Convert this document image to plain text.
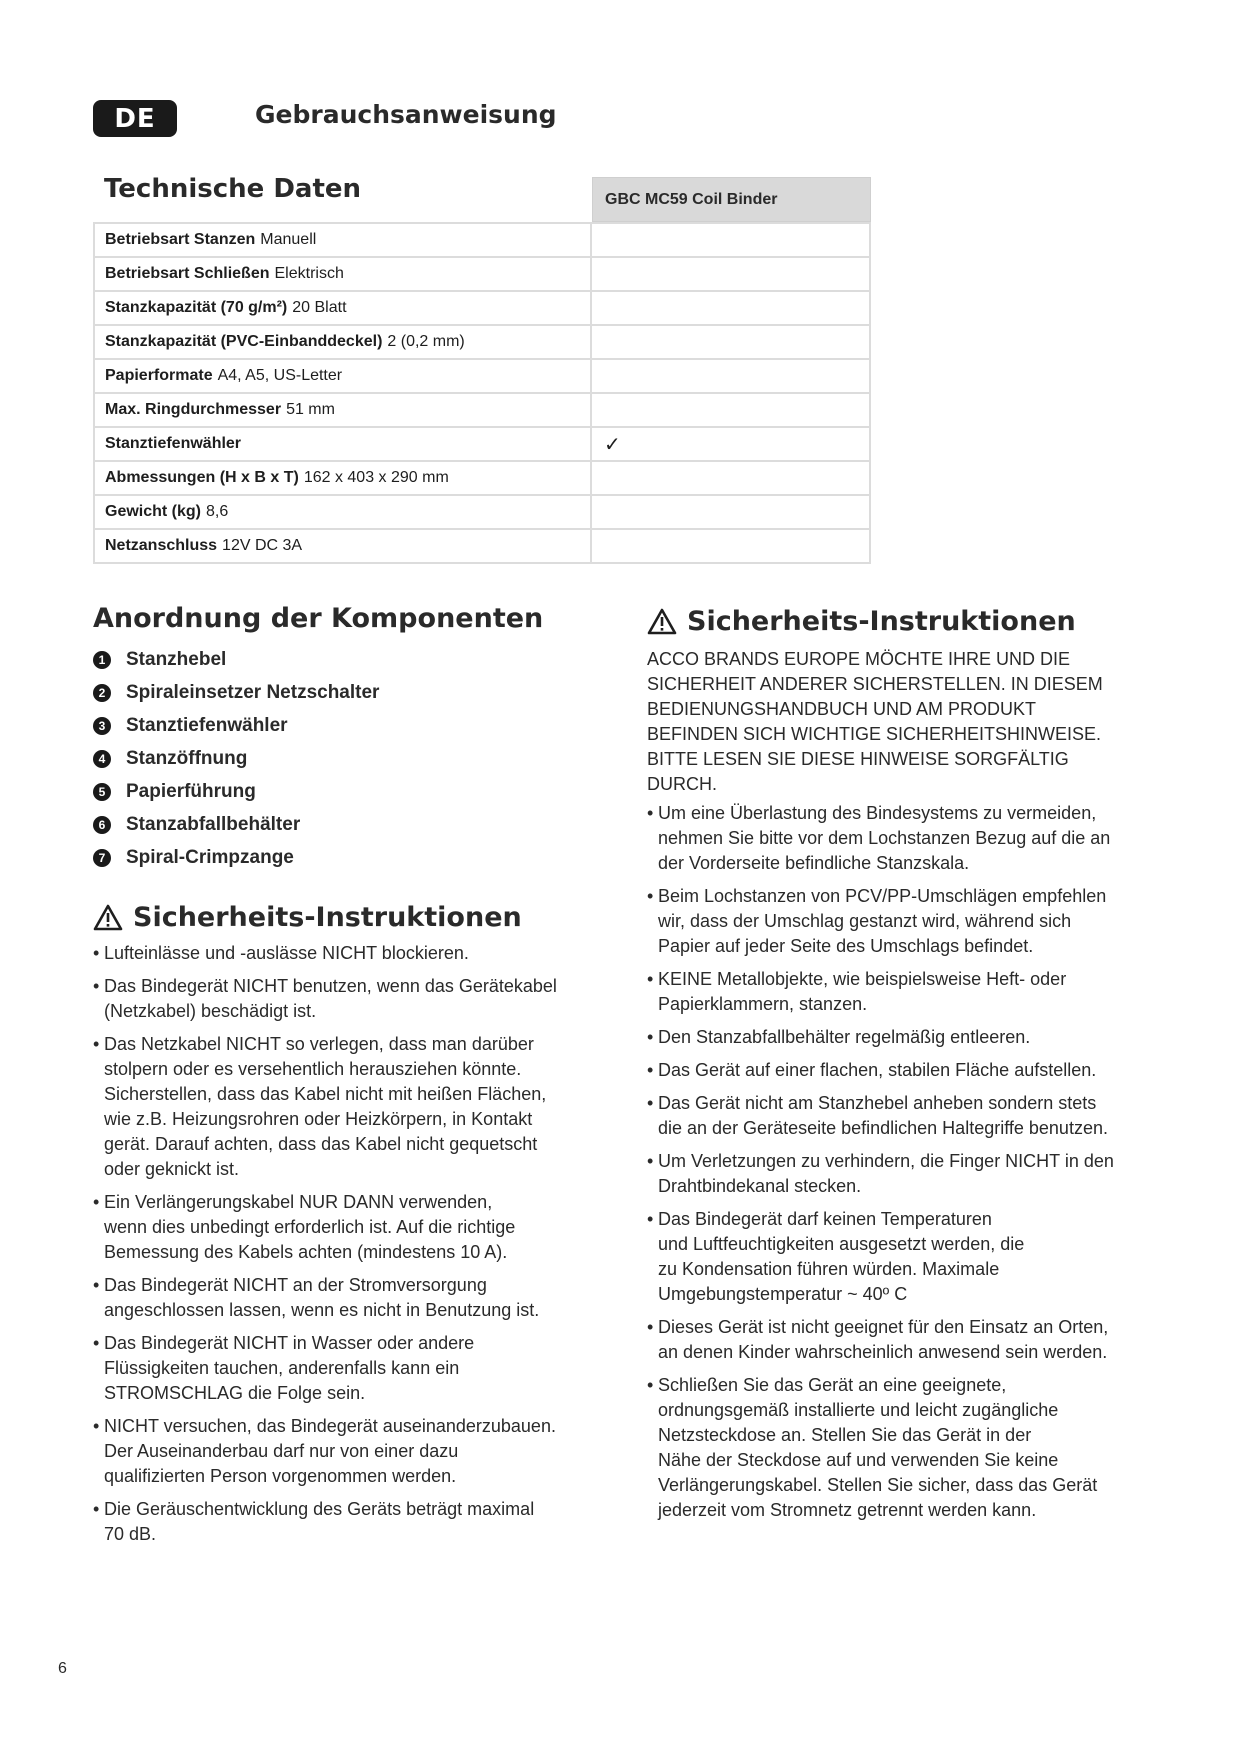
DE	Gebrauchsanweisung
Technische Daten	GBC MC59 Coil Binder
Betriebsart Stanzen Manuell
Betriebsart Schließen Elektrisch
Stanzkapazität (70 g/m²) 20 Blatt
Stanzkapazität (PVC-Einbanddeckel) 2 (0,2 mm)
Papierformate A4, A5, US-Letter
Max. Ringdurchmesser 51 mm
Stanztiefenwähler	✓
Abmessungen (H x B x T) 162 x 403 x 290 mm
Gewicht (kg) 8,6
Netzanschluss 12V DC 3A
Anordnung der Komponenten
1 Stanzhebel
2 Spiraleinsetzer Netzschalter
3 Stanztiefenwähler
4 Stanzöffnung
5 Papierführung
6 Stanzabfallbehälter
7 Spiral-Crimpzange
Sicherheits-Instruktionen
• Lufteinlässe und -auslässe NICHT blockieren.
• Das Bindegerät NICHT benutzen, wenn das Gerätekabel
(Netzkabel) beschädigt ist.
• Das Netzkabel NICHT so verlegen, dass man darüber
stolpern oder es versehentlich herausziehen könnte.
Sicherstellen, dass das Kabel nicht mit heißen Flächen,
wie z.B. Heizungsrohren oder Heizkörpern, in Kontakt
gerät. Darauf achten, dass das Kabel nicht gequetscht
oder geknickt ist.
• Ein Verlängerungskabel NUR DANN verwenden,
wenn dies unbedingt erforderlich ist. Auf die richtige
Bemessung des Kabels achten (mindestens 10 A).
• Das Bindegerät NICHT an der Stromversorgung
angeschlossen lassen, wenn es nicht in Benutzung ist.
• Das Bindegerät NICHT in Wasser oder andere
Flüssigkeiten tauchen, anderenfalls kann ein
STROMSCHLAG die Folge sein.
• NICHT versuchen, das Bindegerät auseinanderzubauen.
Der Auseinanderbau darf nur von einer dazu
qualifizierten Person vorgenommen werden.
• Die Geräuschentwicklung des Geräts beträgt maximal
70 dB.
Sicherheits-Instruktionen

ACCO BRANDS EUROPE MÖCHTE IHRE UND DIE
SICHERHEIT ANDERER SICHERSTELLEN. IN DIESEM
BEDIENUNGSHANDBUCH UND AM PRODUKT
BEFINDEN SICH WICHTIGE SICHERHEITSHINWEISE.
BITTE LESEN SIE DIESE HINWEISE SORGFÄLTIG
DURCH.

• Um eine Überlastung des Bindesystems zu vermeiden,
nehmen Sie bitte vor dem Lochstanzen Bezug auf die an
der Vorderseite befindliche Stanzskala.
• Beim Lochstanzen von PCV/PP-Umschlägen empfehlen
wir, dass der Umschlag gestanzt wird, während sich
Papier auf jeder Seite des Umschlags befindet.
• KEINE Metallobjekte, wie beispielsweise Heft- oder
Papierklammern, stanzen.
• Den Stanzabfallbehälter regelmäßig entleeren.
• Das Gerät auf einer flachen, stabilen Fläche aufstellen.
• Das Gerät nicht am Stanzhebel anheben sondern stets
die an der Geräteseite befindlichen Haltegriffe benutzen.
• Um Verletzungen zu verhindern, die Finger NICHT in den
Drahtbindekanal stecken.
• Das Bindegerät darf keinen Temperaturen
und Luftfeuchtigkeiten ausgesetzt werden, die
zu Kondensation führen würden. Maximale
Umgebungstemperatur ~ 40º C
• Dieses Gerät ist nicht geeignet für den Einsatz an Orten,
an denen Kinder wahrscheinlich anwesend sein werden.
• Schließen Sie das Gerät an eine geeignete,
ordnungsgemäß installierte und leicht zugängliche
Netzsteckdose an. Stellen Sie das Gerät in der
Nähe der Steckdose auf und verwenden Sie keine
Verlängerungskabel. Stellen Sie sicher, dass das Gerät
jederzeit vom Stromnetz getrennt werden kann.
6
